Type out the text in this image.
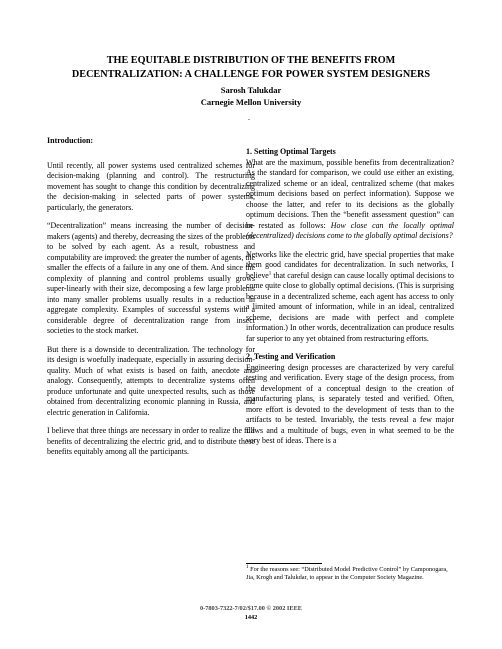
THE EQUITABLE DISTRIBUTION OF THE BENEFITS FROM
DECENTRALIZATION: A CHALLENGE FOR POWER SYSTEM DESIGNERS
Sarosh Talukdar
Carnegie Mellon University
.
Introduction:

Until recently, all power systems used centralized schemes for decision-making (planning and control). The restructuring movement has sought to change this condition by decentralizing the decision-making in selected parts of power systems, particularly, the generators.

“Decentralization” means increasing the number of decision-makers (agents) and thereby, decreasing the sizes of the problems to be solved by each agent. As a result, robustness and computability are improved: the greater the number of agents, the smaller the effects of a failure in any one of them. And since the complexity of planning and control problems usually grows super-linearly with their size, decomposing a few large problems into many smaller problems usually results in a reduction in aggregate complexity. Examples of successful systems with a considerable degree of decentralization range from insect societies to the stock market.

But there is a downside to decentralization. The technology for its design is woefully inadequate, especially in assuring decision-quality. Much of what exists is based on faith, anecdote and analogy. Consequently, attempts to decentralize systems often produce unfortunate and quite unexpected results, such as those obtained from decentralizing economic planning in Russia, and electric generation in California.

I believe that three things are necessary in order to realize the full benefits of decentralizing the electric grid, and to distribute these benefits equitably among all the participants.

1. Setting Optimal Targets

What are the maximum, possible benefits from decentralization? As the standard for comparison, we could use either an existing, centralized scheme or an ideal, centralized scheme (that makes optimum decisions based on perfect information). Suppose we choose the latter, and refer to its decisions as the globally optimum decisions. Then the “benefit assessment question” can be restated as follows: How close can the locally optimal (decentralized) decisions come to the globally optimal decisions?

Networks like the electric grid, have special properties that make them good candidates for decentralization. In such networks, I believe$^1$ that careful design can cause locally optimal decisions to come quite close to globally optimal decisions. (This is surprising because in a decentralized scheme, each agent has access to only a limited amount of information, while in an ideal, centralized scheme, decisions are made with perfect and complete information.) In other words, decentralization can produce results far superior to any yet obtained from restructuring efforts.

2. Testing and Verification

Engineering design processes are characterized by very careful testing and verification. Every stage of the design process, from the development of a conceptual design to the creation of manufacturing plans, is separately tested and verified. Often, more effort is devoted to the development of tests than to the artifacts to be tested. Invariably, the tests reveal a few major flaws and a multitude of bugs, even in what seemed to be the very best of ideas. There is a

$^1$ For the reasons see: “Distributed Model Predictive Control” by Camponogara, Jia, Krogh and Talukdar, to appear in the Computer Society Magazine.

0-7803-7322-7/02/$17.00 © 2002 IEEE
1442
